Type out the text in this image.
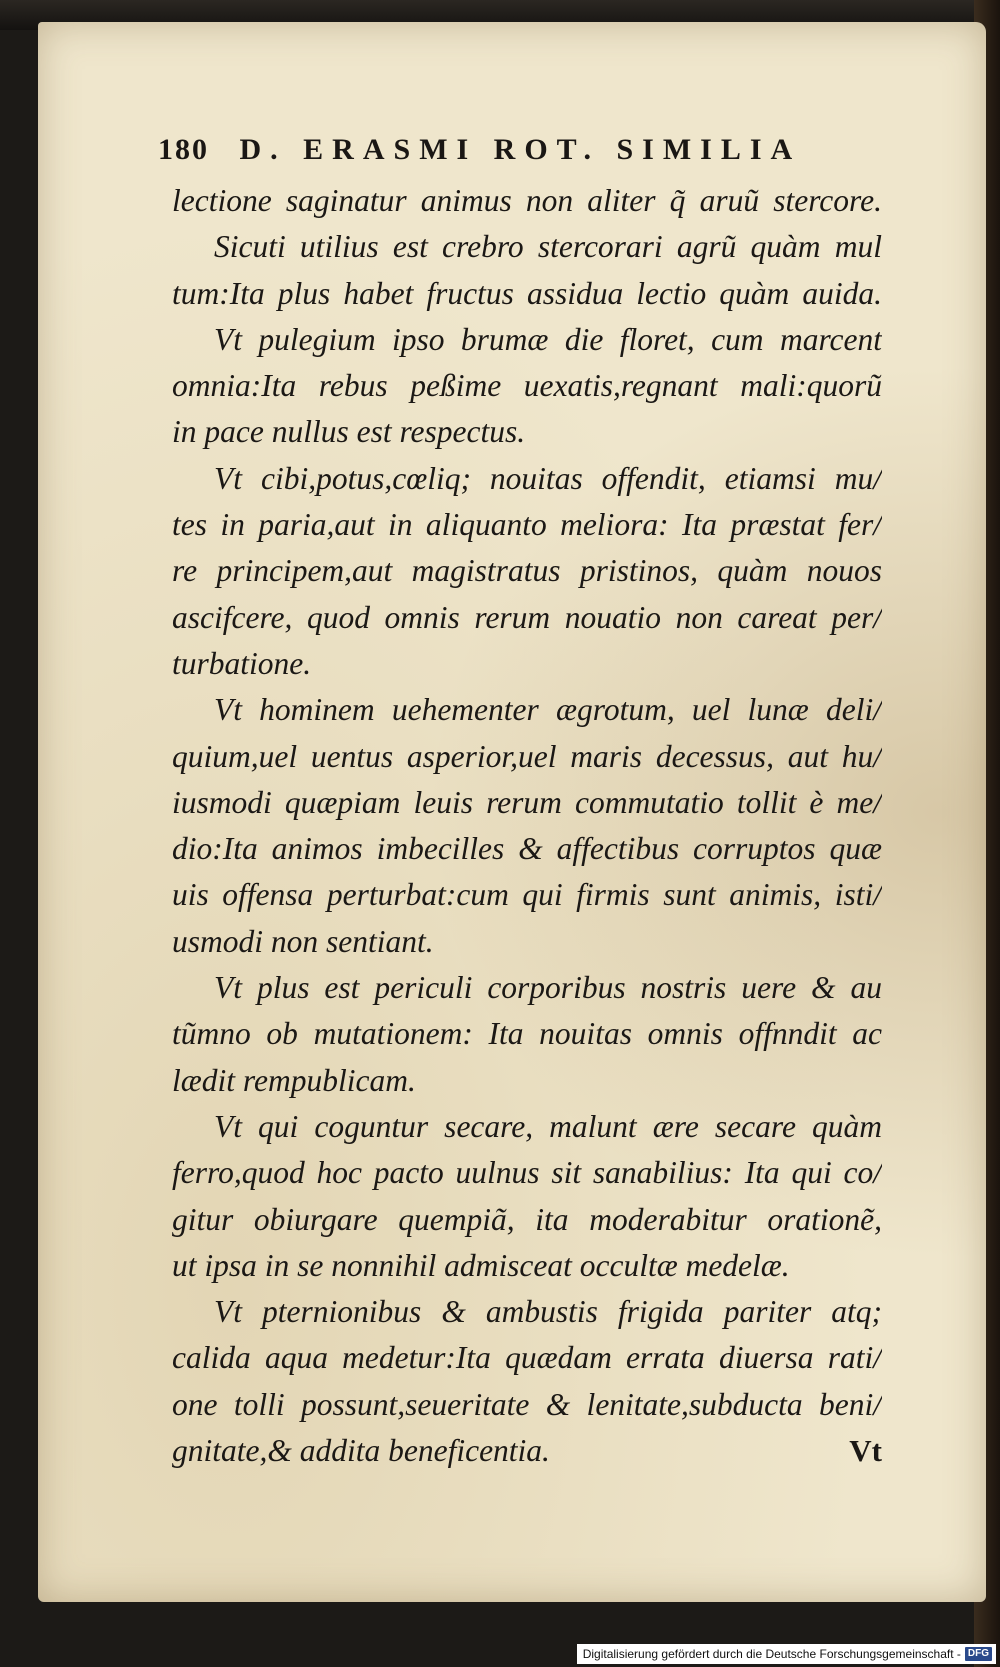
180 D. ERASMI ROT. SIMILIA
lectione saginatur animus non aliter q̃ aruũ stercore.
Sicuti utilius est crebro stercorari agrũ quàm mul
tum:Ita plus habet fructus assidua lectio quàm auida.
Vt pulegium ipso brumæ die floret, cum marcent
omnia:Ita rebus peßime uexatis,regnant mali:quorũ
in pace nullus est respectus.
Vt cibi,potus,cœliq; nouitas offendit, etiamsi mu/
tes in paria,aut in aliquanto meliora: Ita præstat fer/
re principem,aut magistratus pristinos, quàm nouos
ascifcere, quod omnis rerum nouatio non careat per/
turbatione.
Vt hominem uehementer ægrotum, uel lunæ deli/
quium,uel uentus asperior,uel maris decessus, aut hu/
iusmodi quæpiam leuis rerum commutatio tollit è me/
dio:Ita animos imbecilles & affectibus corruptos quæ
uis offensa perturbat:cum qui firmis sunt animis, isti/
usmodi non sentiant.
Vt plus est periculi corporibus nostris uere & au
tũmno ob mutationem: Ita nouitas omnis offnndit ac
lædit rempublicam.
Vt qui coguntur secare, malunt ære secare quàm
ferro,quod hoc pacto uulnus sit sanabilius: Ita qui co/
gitur obiurgare quempiã, ita moderabitur orationẽ,
ut ipsa in se nonnihil admisceat occultæ medelæ.
Vt pternionibus & ambustis frigida pariter atq;
calida aqua medetur:Ita quædam errata diuersa rati/
one tolli possunt,seueritate & lenitate,subducta beni/
gnitate,& addita beneficentia.	Vt
Digitalisierung gefördert durch die Deutsche Forschungsgemeinschaft - DFG
